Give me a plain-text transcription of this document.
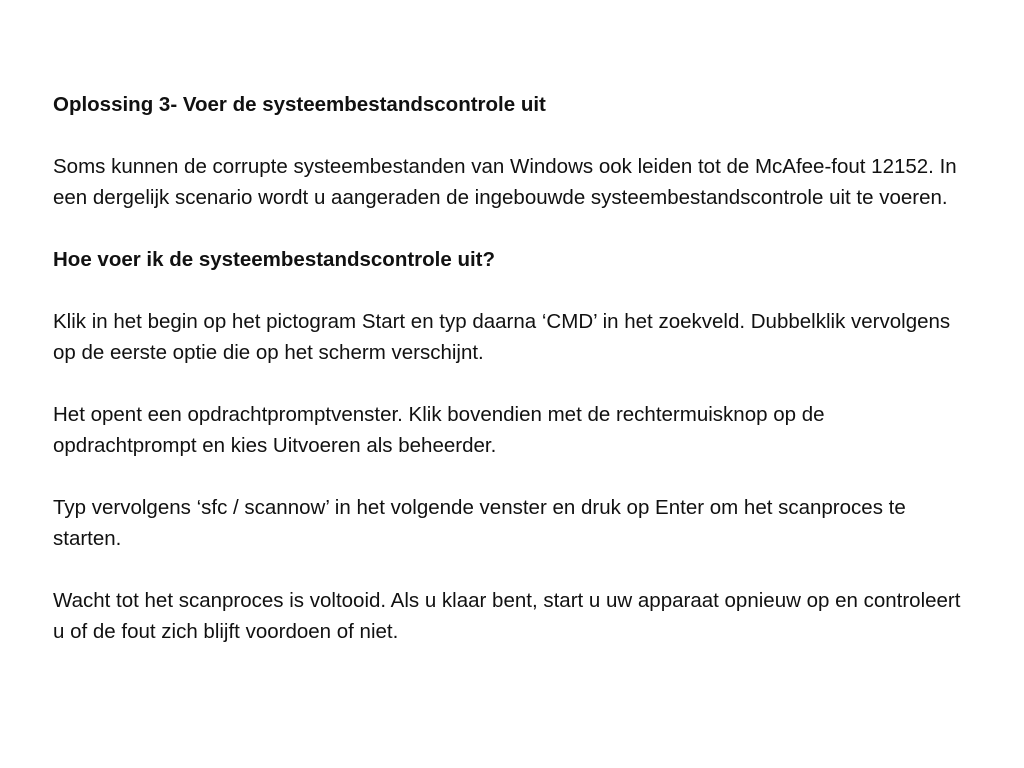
Oplossing 3- Voer de systeembestandscontrole uit

Soms kunnen de corrupte systeembestanden van Windows ook leiden tot de McAfee-fout 12152. In een dergelijk scenario wordt u aangeraden de ingebouwde systeembestandscontrole uit te voeren.

Hoe voer ik de systeembestandscontrole uit?

Klik in het begin op het pictogram Start en typ daarna ‘CMD’ in het zoekveld. Dubbelklik vervolgens op de eerste optie die op het scherm verschijnt.

Het opent een opdrachtpromptvenster. Klik bovendien met de rechtermuisknop op de opdrachtprompt en kies Uitvoeren als beheerder.

Typ vervolgens ‘sfc / scannow’ in het volgende venster en druk op Enter om het scanproces te starten.

Wacht tot het scanproces is voltooid. Als u klaar bent, start u uw apparaat opnieuw op en controleert u of de fout zich blijft voordoen of niet.
